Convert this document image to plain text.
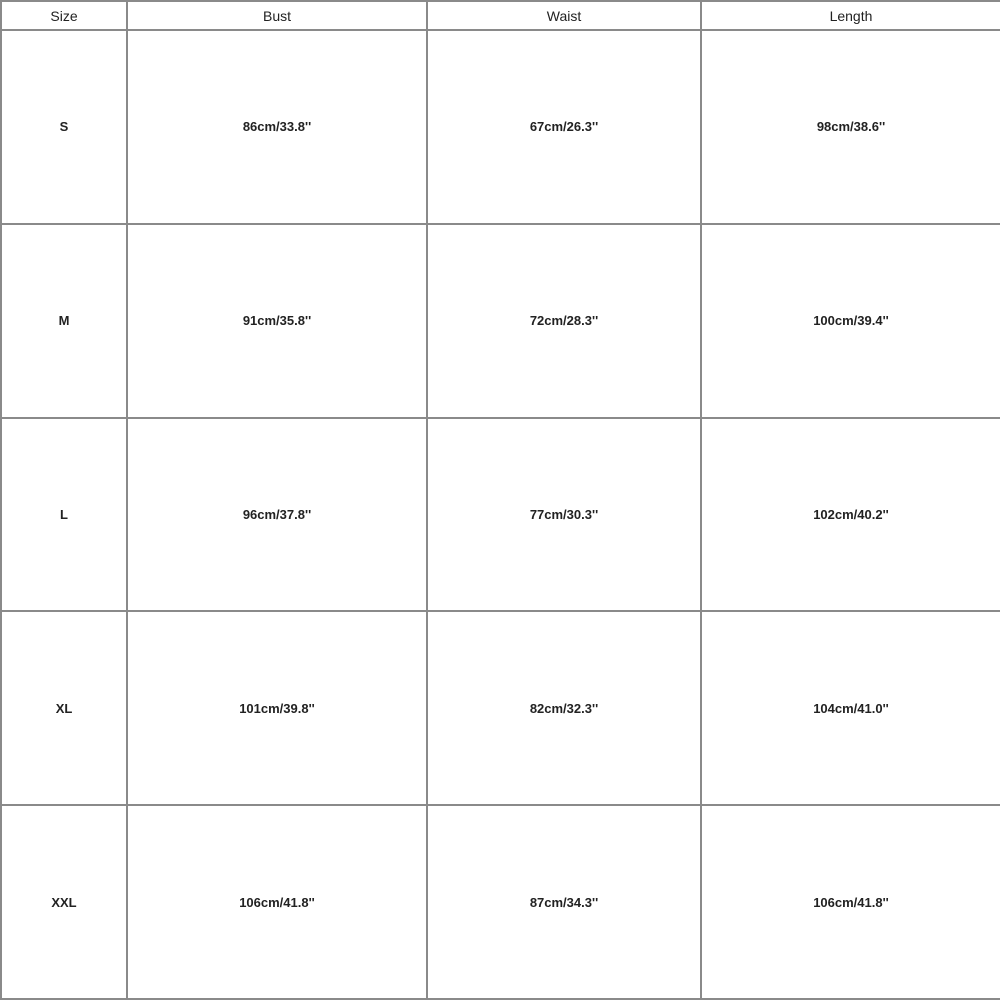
Size	Bust	Waist	Length
S	86cm/33.8''	67cm/26.3''	98cm/38.6''
M	91cm/35.8''	72cm/28.3''	100cm/39.4''
L	96cm/37.8''	77cm/30.3''	102cm/40.2''
XL	101cm/39.8''	82cm/32.3''	104cm/41.0''
XXL	106cm/41.8''	87cm/34.3''	106cm/41.8''
